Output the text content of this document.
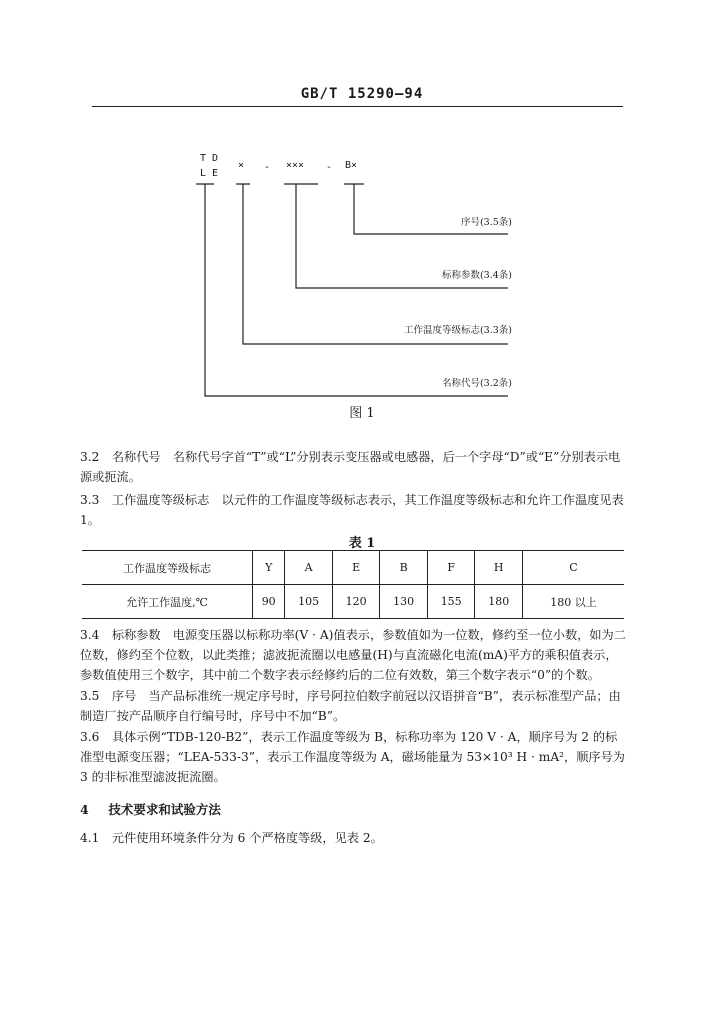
GB/T 15290—94
T D
L E
× - ××× - B×
序号(3.5条)
标称参数(3.4条)
工作温度等级标志(3.3条)
名称代号(3.2条)
图 1
3.2 名称代号　名称代号字首“T”或“L”分别表示变压器或电感器，后一个字母“D”或“E”分别表示电源或扼流。
3.3 工作温度等级标志　以元件的工作温度等级标志表示，其工作温度等级标志和允许工作温度见表 1。
表 1
工作温度等级标志	Y	A	E	B	F	H	C
允许工作温度,℃	90	105	120	130	155	180	180 以上
3.4 标称参数　电源变压器以标称功率(V · A)值表示，参数值如为一位数，修约至一位小数，如为二位数，修约至个位数，以此类推；滤波扼流圈以电感量(H)与直流磁化电流(mA)平方的乘积值表示，参数值使用三个数字，其中前二个数字表示经修约后的二位有效数，第三个数字表示“0”的个数。
3.5 序号　当产品标准统一规定序号时，序号阿拉伯数字前冠以汉语拼音“B”，表示标准型产品；由制造厂按产品顺序自行编号时，序号中不加“B”。
3.6 具体示例“TDB-120-B2”，表示工作温度等级为 B，标称功率为 120 V · A，顺序号为 2 的标准型电源变压器；“LEA-533-3”，表示工作温度等级为 A，磁场能量为 53×10³ H · mA²，顺序号为 3 的非标准型滤波扼流圈。
4 技术要求和试验方法
4.1 元件使用环境条件分为 6 个严格度等级，见表 2。
